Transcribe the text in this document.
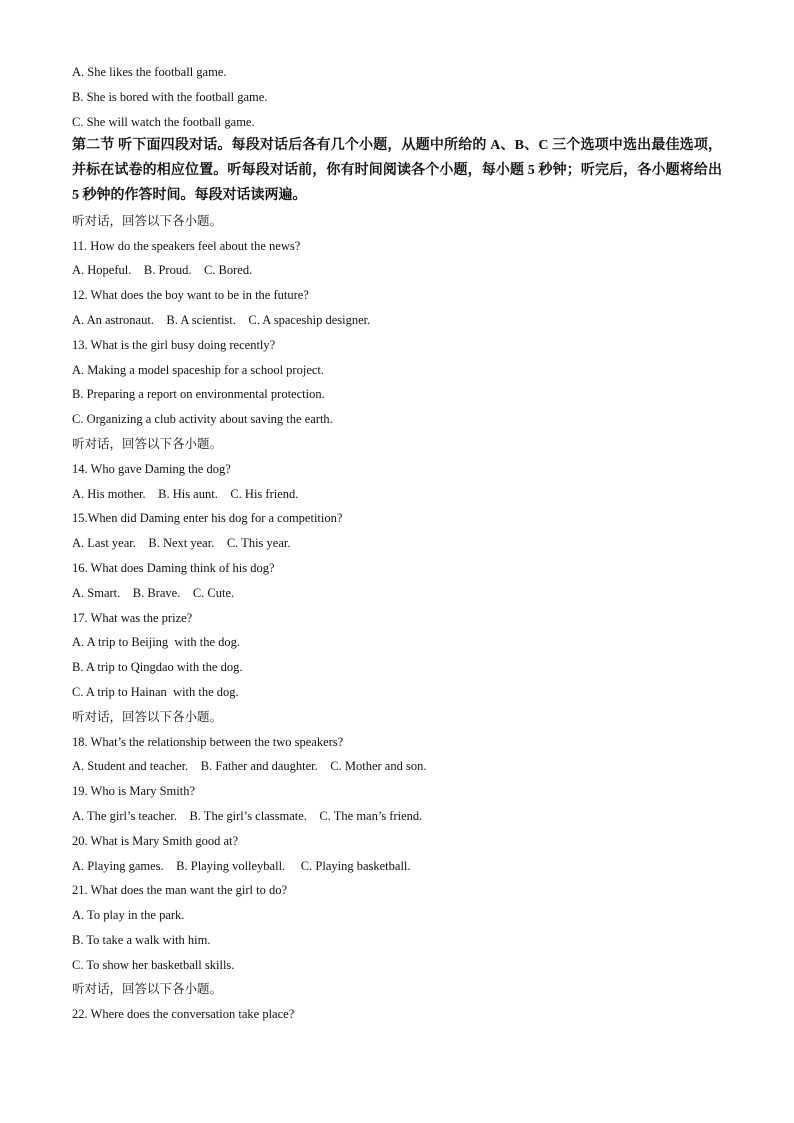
A. She likes the football game.
B. She is bored with the football game.
C. She will watch the football game.

第二节 听下面四段对话。每段对话后各有几个小题，从题中所给的 A、B、C 三个选项中选出最佳选项，并标在试卷的相应位置。听每段对话前，你有时间阅读各个小题，每小题 5 秒钟；听完后，各小题将给出 5 秒钟的作答时间。每段对话读两遍。

听对话，回答以下各小题。
11. How do the speakers feel about the news?
A. Hopeful.    B. Proud.    C. Bored.
12. What does the boy want to be in the future?
A. An astronaut.    B. A scientist.    C. A spaceship designer.
13. What is the girl busy doing recently?
A. Making a model spaceship for a school project.
B. Preparing a report on environmental protection.
C. Organizing a club activity about saving the earth.
听对话，回答以下各小题。
14. Who gave Daming the dog?
A. His mother.    B. His aunt.    C. His friend.
15.When did Daming enter his dog for a competition?
A. Last year.    B. Next year.    C. This year.
16. What does Daming think of his dog?
A. Smart.    B. Brave.    C. Cute.
17. What was the prize?
A. A trip to Beijing  with the dog.
B. A trip to Qingdao with the dog.
C. A trip to Hainan  with the dog.
听对话，回答以下各小题。
18. What’s the relationship between the two speakers?
A. Student and teacher.    B. Father and daughter.    C. Mother and son.
19. Who is Mary Smith?
A. The girl’s teacher.    B. The girl’s classmate.    C. The man’s friend.
20. What is Mary Smith good at?
A. Playing games.    B. Playing volleyball.     C. Playing basketball.
21. What does the man want the girl to do?
A. To play in the park.
B. To take a walk with him.
C. To show her basketball skills.
听对话，回答以下各小题。
22. Where does the conversation take place?
